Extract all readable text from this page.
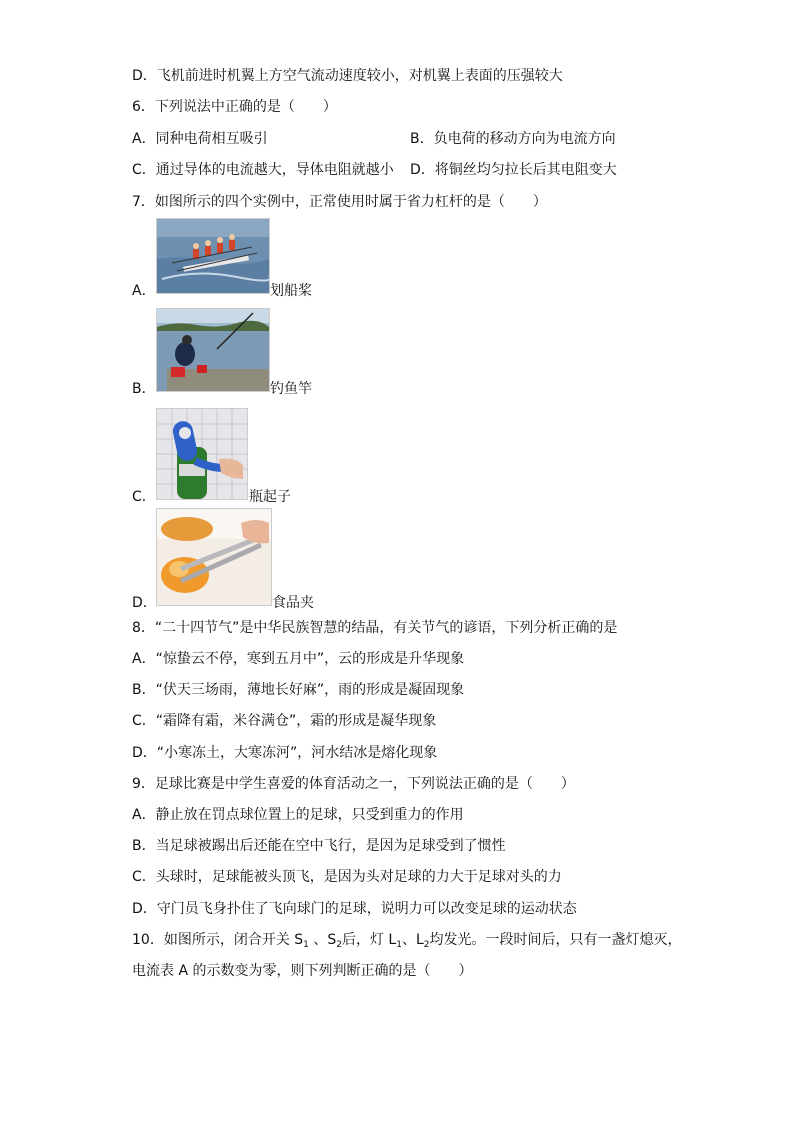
D．飞机前进时机翼上方空气流动速度较小，对机翼上表面的压强较大
6．下列说法中正确的是（　　）
A．同种电荷相互吸引	B．负电荷的移动方向为电流方向
C．通过导体的电流越大，导体电阻就越小 D．将铜丝均匀拉长后其电阻变大
7．如图所示的四个实例中，正常使用时属于省力杠杆的是（　　）
A．	划船桨
B．	钓鱼竿
C．	瓶起子
D．	食品夹
8．“二十四节气”是中华民族智慧的结晶，有关节气的谚语，下列分析正确的是
A．“惊蛰云不停，寒到五月中”，云的形成是升华现象
B．“伏天三场雨，薄地长好麻”，雨的形成是凝固现象
C．“霜降有霜，米谷满仓”，霜的形成是凝华现象
D．“小寒冻土，大寒冻河”，河水结冰是熔化现象
9．足球比赛是中学生喜爱的体育活动之一，下列说法正确的是（　　）
A．静止放在罚点球位置上的足球，只受到重力的作用
B．当足球被踢出后还能在空中飞行，是因为足球受到了惯性
C．头球时，足球能被头顶飞，是因为头对足球的力大于足球对头的力
D．守门员飞身扑住了飞向球门的足球，说明力可以改变足球的运动状态
10．如图所示，闭合开关 $S_1$ 、$S_2$后，灯 $L_1$、$L_2$均发光。一段时间后，只有一盏灯熄灭，
电流表 A 的示数变为零，则下列判断正确的是（　　）
